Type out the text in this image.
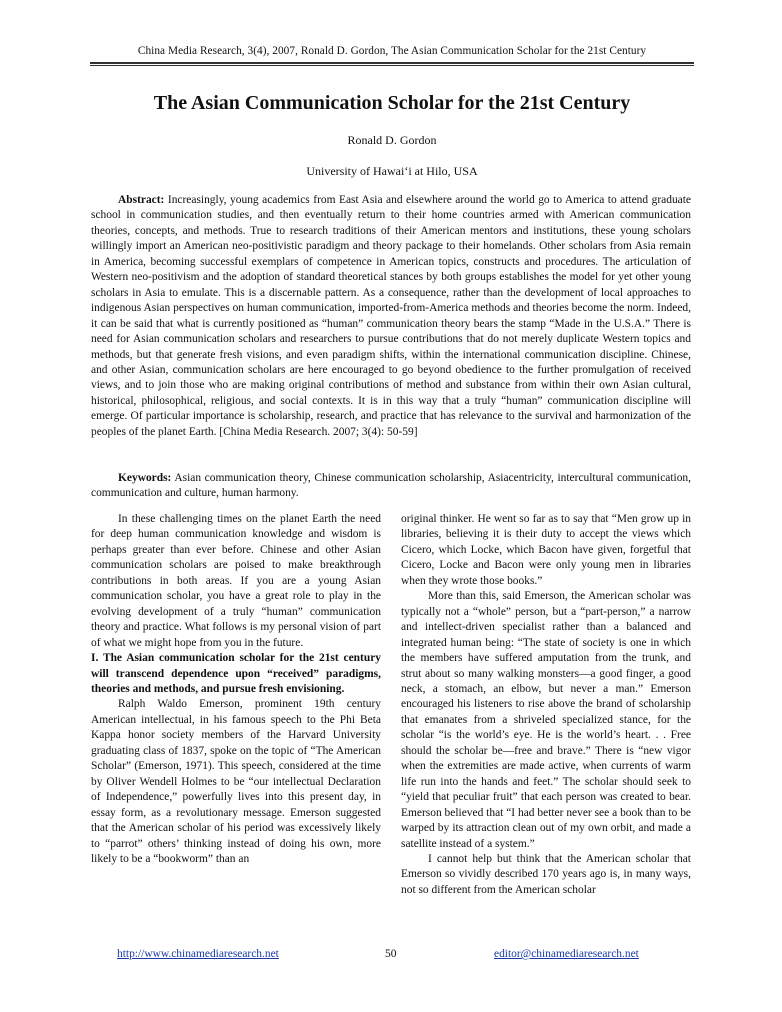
China Media Research, 3(4), 2007, Ronald D. Gordon, The Asian Communication Scholar for the 21st Century
The Asian Communication Scholar for the 21st Century
Ronald D. Gordon
University of Hawai‘i at Hilo, USA

Abstract: Increasingly, young academics from East Asia and elsewhere around the world go to America to attend graduate school in communication studies, and then eventually return to their home countries armed with American communication theories, concepts, and methods. True to research traditions of their American mentors and institutions, these young scholars willingly import an American neo-positivistic paradigm and theory package to their homelands. Other scholars from Asia remain in America, becoming successful exemplars of competence in American topics, constructs and procedures. The articulation of Western neo-positivism and the adoption of standard theoretical stances by both groups establishes the model for yet other young scholars in Asia to emulate. This is a discernable pattern. As a consequence, rather than the development of local approaches to indigenous Asian perspectives on human communication, imported-from-America methods and theories become the norm. Indeed, it can be said that what is currently positioned as “human” communication theory bears the stamp “Made in the U.S.A.” There is need for Asian communication scholars and researchers to pursue contributions that do not merely duplicate Western topics and methods, but that generate fresh visions, and even paradigm shifts, within the international communication discipline. Chinese, and other Asian, communication scholars are here encouraged to go beyond obedience to the further promulgation of received views, and to join those who are making original contributions of method and substance from within their own Asian cultural, historical, philosophical, religious, and social contexts. It is in this way that a truly “human” communication discipline will emerge. Of particular importance is scholarship, research, and practice that has relevance to the survival and harmonization of the peoples of the planet Earth. [China Media Research. 2007; 3(4): 50-59]

Keywords: Asian communication theory, Chinese communication scholarship, Asiacentricity, intercultural communication, communication and culture, human harmony.

In these challenging times on the planet Earth the need for deep human communication knowledge and wisdom is perhaps greater than ever before. Chinese and other Asian communication scholars are poised to make breakthrough contributions in both areas. If you are a young Asian communication scholar, you have a great role to play in the evolving development of a truly “human” communication theory and practice. What follows is my personal vision of part of what we might hope from you in the future.

I. The Asian communication scholar for the 21st century will transcend dependence upon “received” paradigms, theories and methods, and pursue fresh envisioning.

Ralph Waldo Emerson, prominent 19th century American intellectual, in his famous speech to the Phi Beta Kappa honor society members of the Harvard University graduating class of 1837, spoke on the topic of “The American Scholar” (Emerson, 1971). This speech, considered at the time by Oliver Wendell Holmes to be “our intellectual Declaration of Independence,” powerfully lives into this present day, in essay form, as a revolutionary message. Emerson suggested that the American scholar of his period was excessively likely to “parrot” others’ thinking instead of doing his own, more likely to be a “bookworm” than an

original thinker. He went so far as to say that “Men grow up in libraries, believing it is their duty to accept the views which Cicero, which Locke, which Bacon have given, forgetful that Cicero, Locke and Bacon were only young men in libraries when they wrote those books.”

More than this, said Emerson, the American scholar was typically not a “whole” person, but a “part-person,” a narrow and intellect-driven specialist rather than a balanced and integrated human being: “The state of society is one in which the members have suffered amputation from the trunk, and strut about so many walking monsters—a good finger, a good neck, a stomach, an elbow, but never a man.” Emerson encouraged his listeners to rise above the brand of scholarship that emanates from a shriveled specialized stance, for the scholar “is the world’s eye. He is the world’s heart. . . Free should the scholar be—free and brave.” There is “new vigor when the extremities are made active, when currents of warm life run into the hands and feet.” The scholar should seek to “yield that peculiar fruit” that each person was created to bear. Emerson believed that “I had better never see a book than to be warped by its attraction clean out of my own orbit, and made a satellite instead of a system.”

I cannot help but think that the American scholar that Emerson so vividly described 170 years ago is, in many ways, not so different from the American scholar

http://www.chinamediaresearch.net	50	editor@chinamediaresearch.net
